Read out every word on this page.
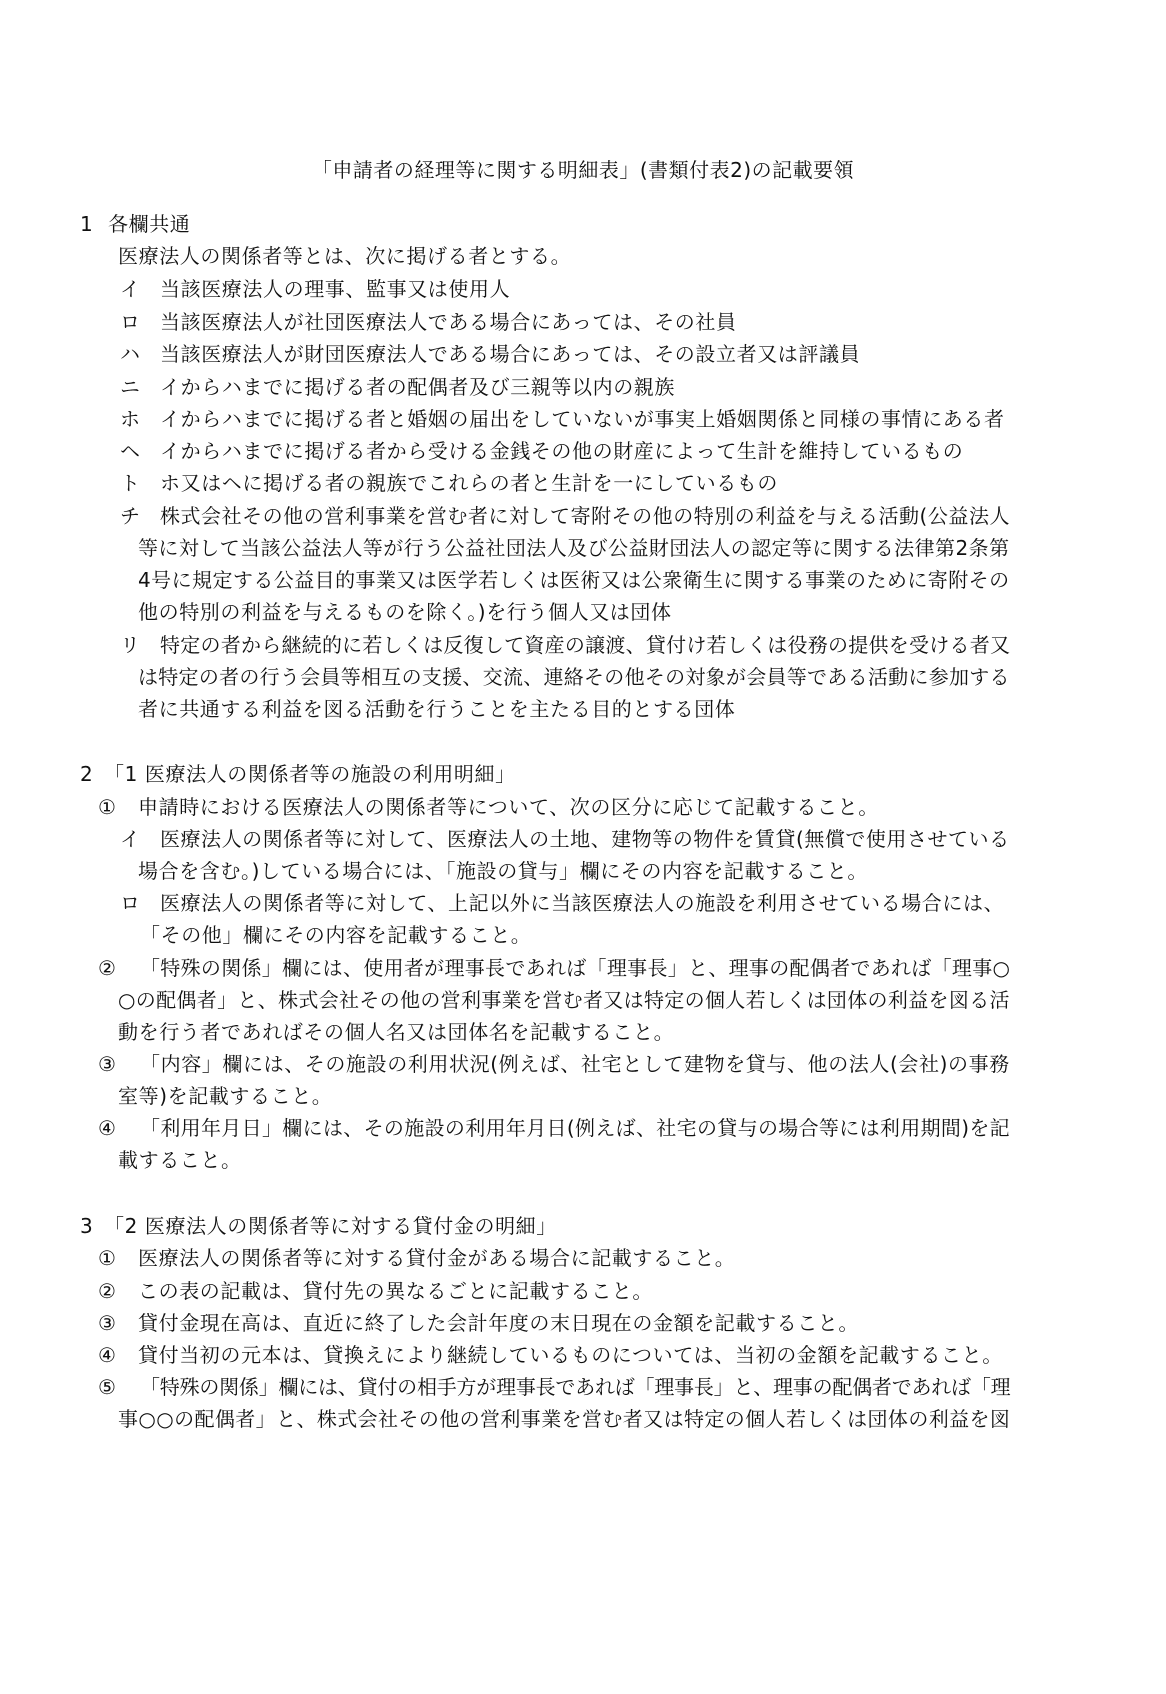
「申請者の経理等に関する明細表」(書類付表2)の記載要領
1 各欄共通
医療法人の関係者等とは、次に掲げる者とする。
イ 当該医療法人の理事、監事又は使用人
ロ 当該医療法人が社団医療法人である場合にあっては、その社員
ハ 当該医療法人が財団医療法人である場合にあっては、その設立者又は評議員
ニ イからハまでに掲げる者の配偶者及び三親等以内の親族
ホ イからハまでに掲げる者と婚姻の届出をしていないが事実上婚姻関係と同様の事情にある者
ヘ イからハまでに掲げる者から受ける金銭その他の財産によって生計を維持しているもの
ト ホ又はヘに掲げる者の親族でこれらの者と生計を一にしているもの
チ 株式会社その他の営利事業を営む者に対して寄附その他の特別の利益を与える活動(公益法人
等に対して当該公益法人等が行う公益社団法人及び公益財団法人の認定等に関する法律第2条第
4号に規定する公益目的事業又は医学若しくは医術又は公衆衛生に関する事業のために寄附その
他の特別の利益を与えるものを除く。)を行う個人又は団体
リ 特定の者から継続的に若しくは反復して資産の譲渡、貸付け若しくは役務の提供を受ける者又
は特定の者の行う会員等相互の支援、交流、連絡その他その対象が会員等である活動に参加する
者に共通する利益を図る活動を行うことを主たる目的とする団体
2 「1 医療法人の関係者等の施設の利用明細」
① 申請時における医療法人の関係者等について、次の区分に応じて記載すること。
イ 医療法人の関係者等に対して、医療法人の土地、建物等の物件を賃貸(無償で使用させている
場合を含む。)している場合には、「施設の貸与」欄にその内容を記載すること。
ロ 医療法人の関係者等に対して、上記以外に当該医療法人の施設を利用させている場合には、
「その他」欄にその内容を記載すること。
② 「特殊の関係」欄には、使用者が理事長であれば「理事長」と、理事の配偶者であれば「理事○
○の配偶者」と、株式会社その他の営利事業を営む者又は特定の個人若しくは団体の利益を図る活
動を行う者であればその個人名又は団体名を記載すること。
③ 「内容」欄には、その施設の利用状況(例えば、社宅として建物を貸与、他の法人(会社)の事務
室等)を記載すること。
④ 「利用年月日」欄には、その施設の利用年月日(例えば、社宅の貸与の場合等には利用期間)を記
載すること。
3 「2 医療法人の関係者等に対する貸付金の明細」
① 医療法人の関係者等に対する貸付金がある場合に記載すること。
② この表の記載は、貸付先の異なるごとに記載すること。
③ 貸付金現在高は、直近に終了した会計年度の末日現在の金額を記載すること。
④ 貸付当初の元本は、貸換えにより継続しているものについては、当初の金額を記載すること。
⑤ 「特殊の関係」欄には、貸付の相手方が理事長であれば「理事長」と、理事の配偶者であれば「理
事○○の配偶者」と、株式会社その他の営利事業を営む者又は特定の個人若しくは団体の利益を図
